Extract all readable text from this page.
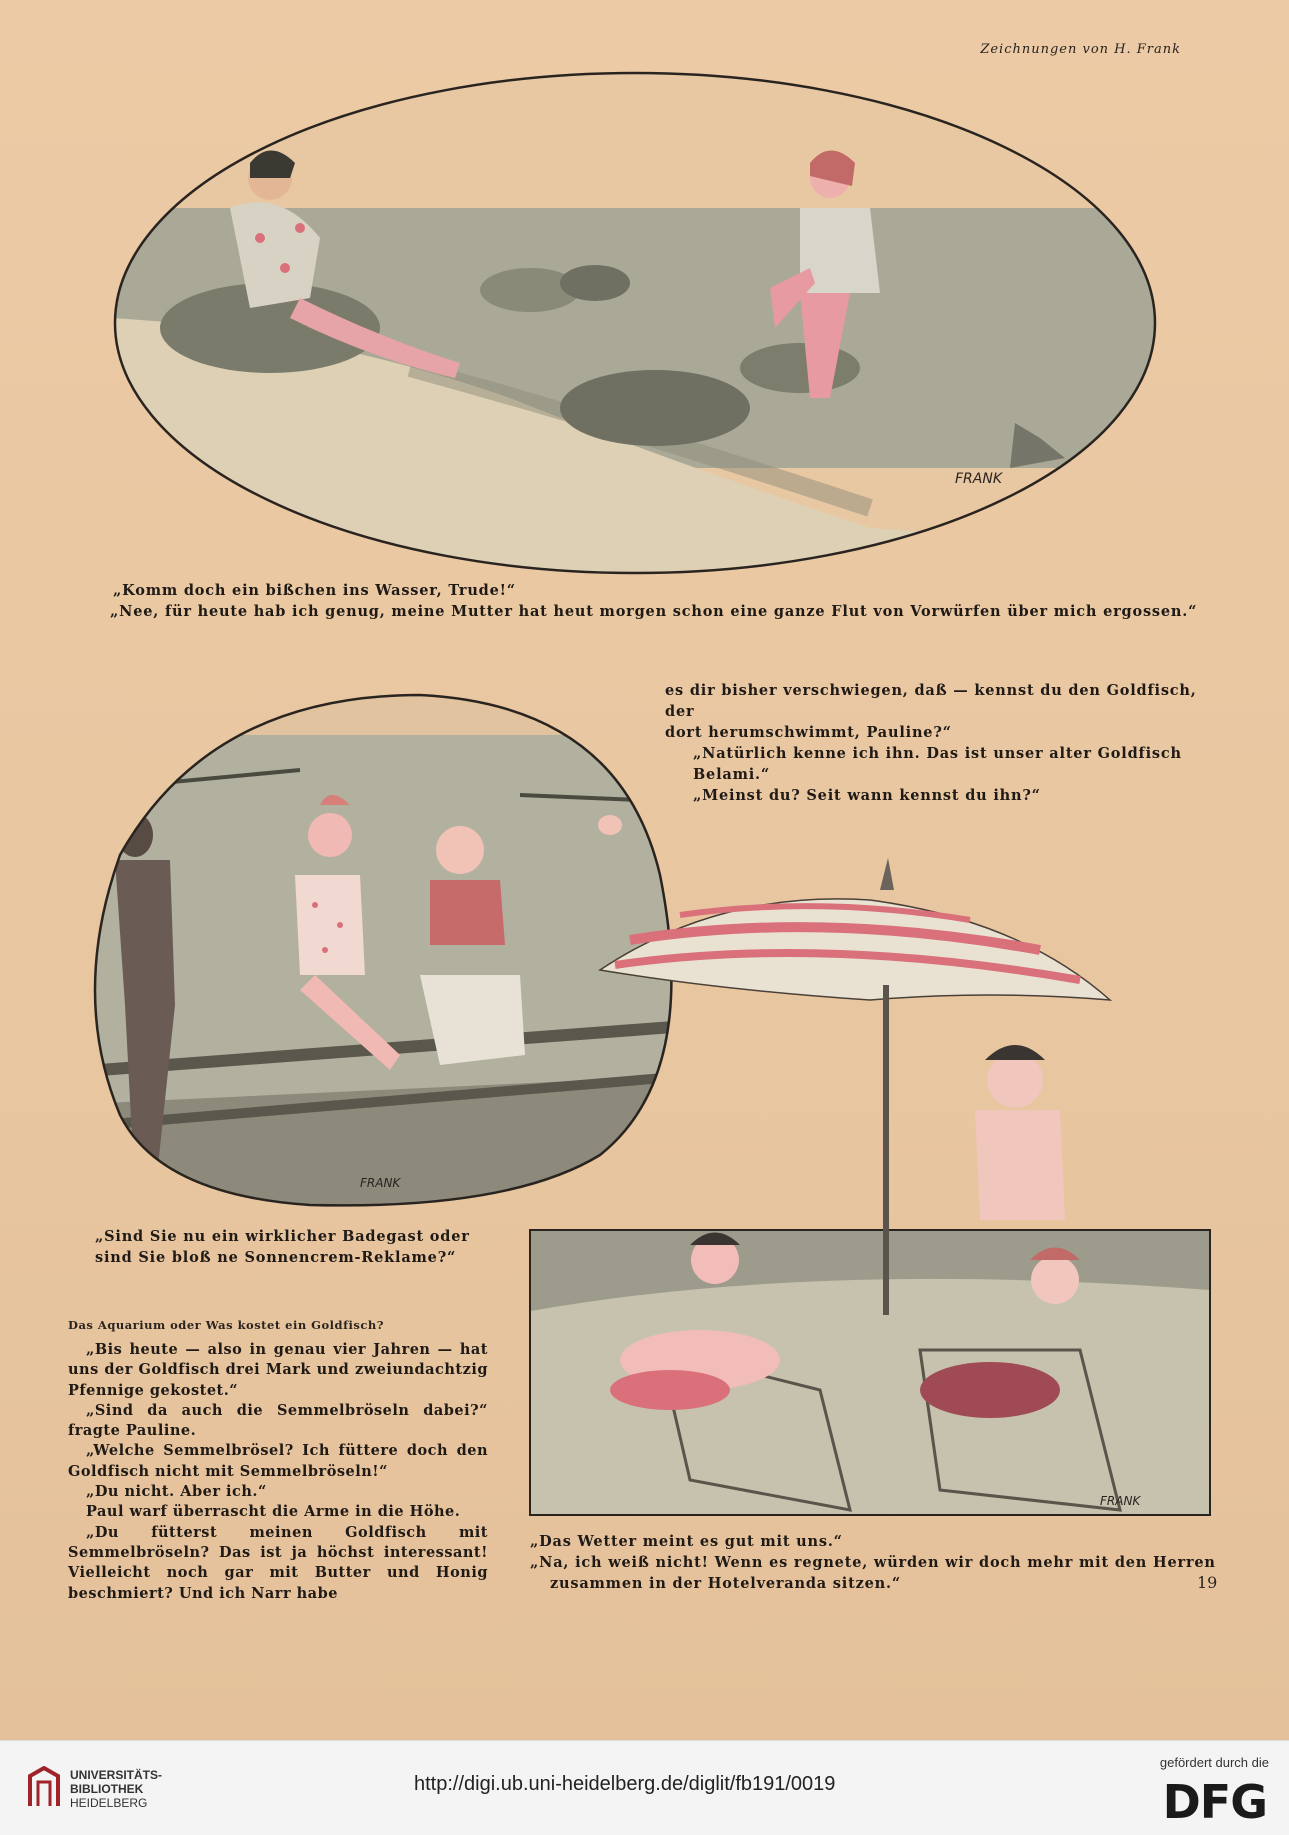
Zeichnungen von H. Frank
FRANK

„Komm doch ein bißchen ins Wasser, Trude!“

„Nee, für heute hab ich genug, meine Mutter hat heut morgen schon eine ganze Flut von Vorwürfen über mich ergossen.“

FRANK

„Sind Sie nu ein wirklicher Badegast oder

sind Sie bloß ne Sonnencrem-Reklame?“

FRANK

„Das Wetter meint es gut mit uns.“

„Na, ich weiß nicht! Wenn es regnete, würden wir doch mehr mit den Herren

zusammen in der Hotelveranda sitzen.“

Das Aquarium oder Was kostet ein Goldfisch?

„Bis heute — also in genau vier Jahren — hat uns der Goldfisch drei Mark und zweiundachtzig Pfennige gekostet.“

„Sind da auch die Semmelbröseln dabei?“ fragte Pauline.

„Welche Semmelbrösel? Ich füttere doch den Goldfisch nicht mit Semmelbröseln!“

„Du nicht. Aber ich.“

Paul warf überrascht die Arme in die Höhe.

„Du fütterst meinen Goldfisch mit Semmelbröseln? Das ist ja höchst interessant! Vielleicht noch gar mit Butter und Honig beschmiert? Und ich Narr habe

es dir bisher verschwiegen, daß — kennst du den Goldfisch, der

dort herumschwimmt, Pauline?“

„Natürlich kenne ich ihn. Das ist unser alter Goldfisch Belami.“

„Meinst du? Seit wann kennst du ihn?“

19
UNIVERSITÄTS-
BIBLIOTHEK
HEIDELBERG
http://digi.ub.uni-heidelberg.de/diglit/fb191/0019
gefördert durch die
DFG
